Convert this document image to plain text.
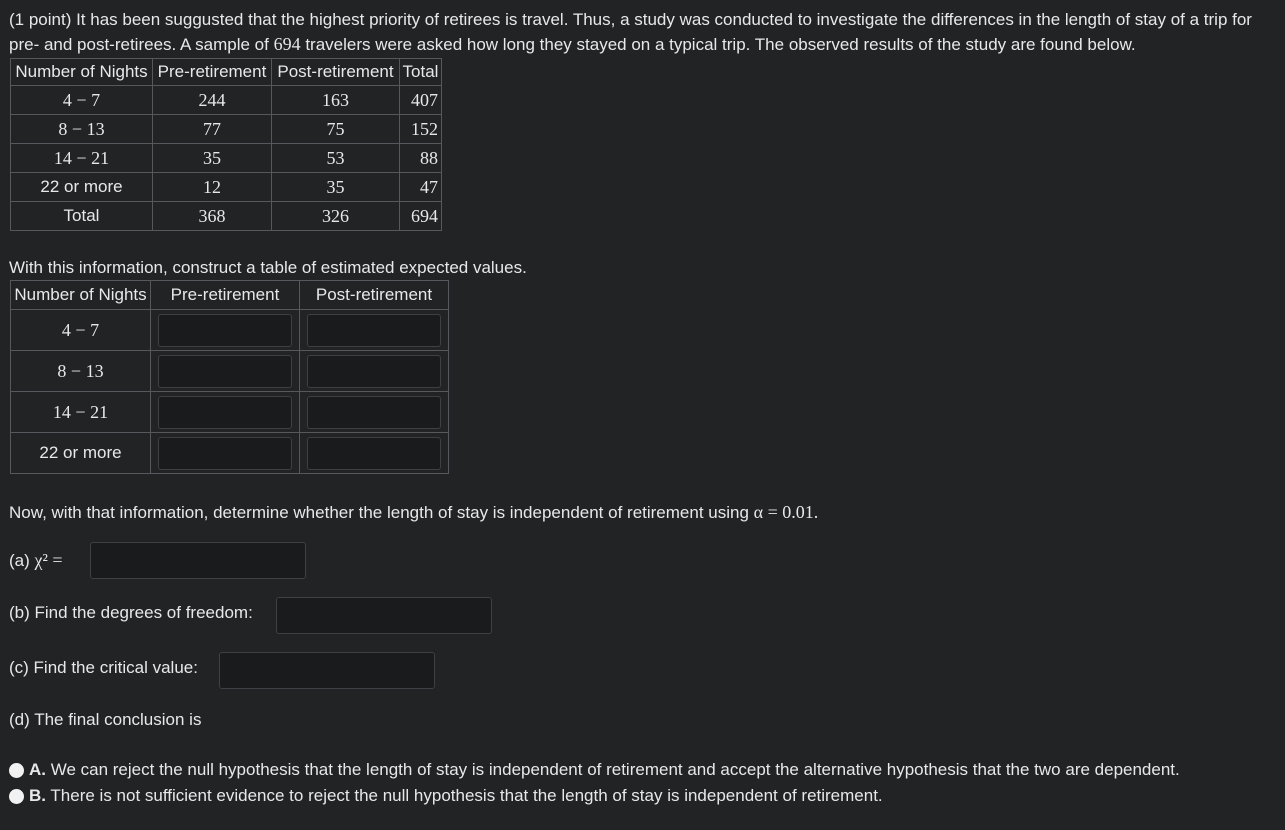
(1 point) It has been suggusted that the highest priority of retirees is travel. Thus, a study was conducted to investigate the differences in the length of stay of a trip for pre- and post-retirees. A sample of 694 travelers were asked how long they stayed on a typical trip. The observed results of the study are found below.

Number of Nights	Pre-retirement	Post-retirement	Total
4 − 7	244	163	407
8 − 13	77	75	152
14 − 21	35	53	88
22 or more	12	35	47
Total	368	326	694

With this information, construct a table of estimated expected values.

Number of Nights	Pre-retirement	Post-retirement
4 − 7	

8 − 13	

14 − 21	

22 or more	

Now, with that information, determine whether the length of stay is independent of retirement using α = 0.01.

(a) χ² =

(b) Find the degrees of freedom:

(c) Find the critical value:

(d) The final conclusion is

A. We can reject the null hypothesis that the length of stay is independent of retirement and accept the alternative hypothesis that the two are dependent.

B. There is not sufficient evidence to reject the null hypothesis that the length of stay is independent of retirement.
